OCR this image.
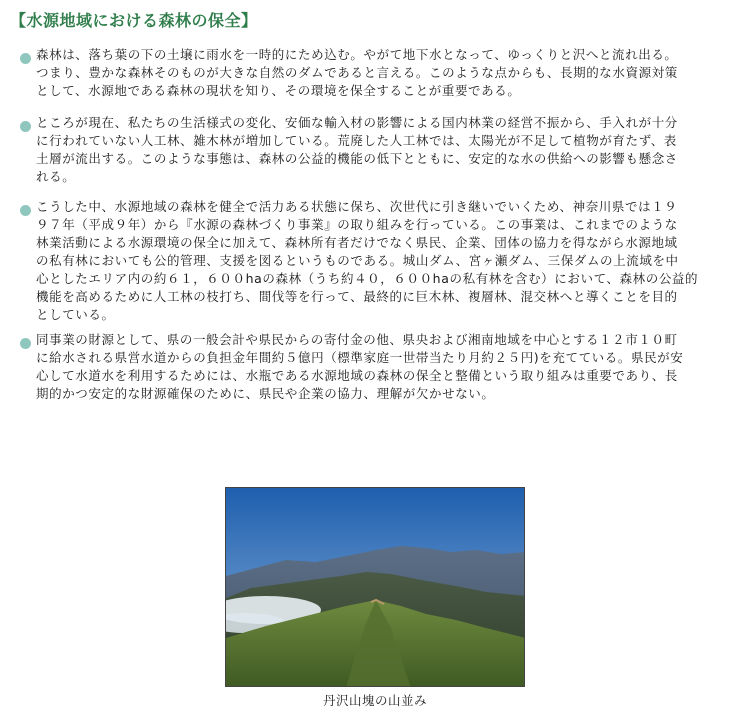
【水源地域における森林の保全】

森林は、落ち葉の下の土壌に雨水を一時的にため込む。やがて地下水となって、ゆっくりと沢へと流れ出る。
つまり、豊かな森林そのものが大きな自然のダムであると言える。このような点からも、長期的な水資源対策
として、水源地である森林の現状を知り、その環境を保全することが重要である。

ところが現在、私たちの生活様式の変化、安価な輸入材の影響による国内林業の経営不振から、手入れが十分
に行われていない人工林、雑木林が増加している。荒廃した人工林では、太陽光が不足して植物が育たず、表
土層が流出する。このような事態は、森林の公益的機能の低下とともに、安定的な水の供給への影響も懸念さ
れる。

こうした中、水源地域の森林を健全で活力ある状態に保ち、次世代に引き継いでいくため、神奈川県では１９
９７年（平成９年）から『水源の森林づくり事業』の取り組みを行っている。この事業は、これまでのような
林業活動による水源環境の保全に加えて、森林所有者だけでなく県民、企業、団体の協力を得ながら水源地域
の私有林においても公的管理、支援を図るというものである。城山ダム、宮ヶ瀬ダム、三保ダムの上流域を中
心としたエリア内の約６１，６００haの森林（うち約４０，６００haの私有林を含む）において、森林の公益的
機能を高めるために人工林の枝打ち、間伐等を行って、最終的に巨木林、複層林、混交林へと導くことを目的
としている。

同事業の財源として、県の一般会計や県民からの寄付金の他、県央および湘南地域を中心とする１２市１０町
に給水される県営水道からの負担金年間約５億円（標準家庭一世帯当たり月約２５円)を充てている。県民が安
心して水道水を利用するためには、水瓶である水源地域の森林の保全と整備という取り組みは重要であり、長
期的かつ安定的な財源確保のために、県民や企業の協力、理解が欠かせない。

丹沢山塊の山並み
